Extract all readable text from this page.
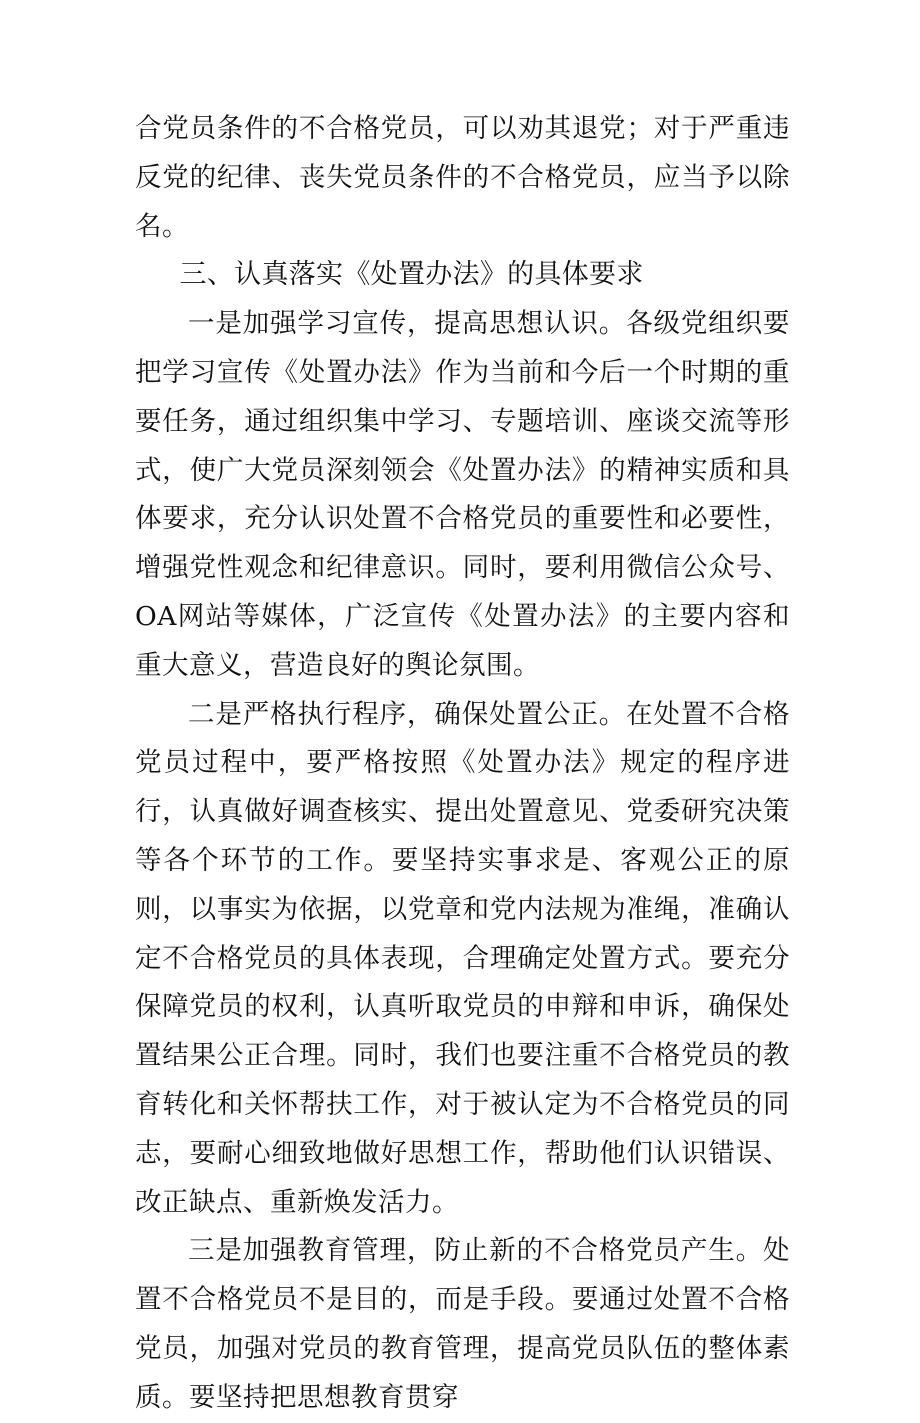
合党员条件的不合格党员，可以劝其退党；对于严重违反党的纪律、丧失党员条件的不合格党员，应当予以除名。

三、认真落实《处置办法》的具体要求

一是加强学习宣传，提高思想认识。各级党组织要把学习宣传《处置办法》作为当前和今后一个时期的重要任务，通过组织集中学习、专题培训、座谈交流等形式，使广大党员深刻领会《处置办法》的精神实质和具体要求，充分认识处置不合格党员的重要性和必要性，增强党性观念和纪律意识。同时，要利用微信公众号、OA网站等媒体，广泛宣传《处置办法》的主要内容和重大意义，营造良好的舆论氛围。

二是严格执行程序，确保处置公正。在处置不合格党员过程中，要严格按照《处置办法》规定的程序进行，认真做好调查核实、提出处置意见、党委研究决策等各个环节的工作。要坚持实事求是、客观公正的原则，以事实为依据，以党章和党内法规为准绳，准确认定不合格党员的具体表现，合理确定处置方式。要充分保障党员的权利，认真听取党员的申辩和申诉，确保处置结果公正合理。同时，我们也要注重不合格党员的教育转化和关怀帮扶工作，对于被认定为不合格党员的同志，要耐心细致地做好思想工作，帮助他们认识错误、改正缺点、重新焕发活力。

三是加强教育管理，防止新的不合格党员产生。处置不合格党员不是目的，而是手段。要通过处置不合格党员，加强对党员的教育管理，提高党员队伍的整体素质。要坚持把思想教育贯穿
